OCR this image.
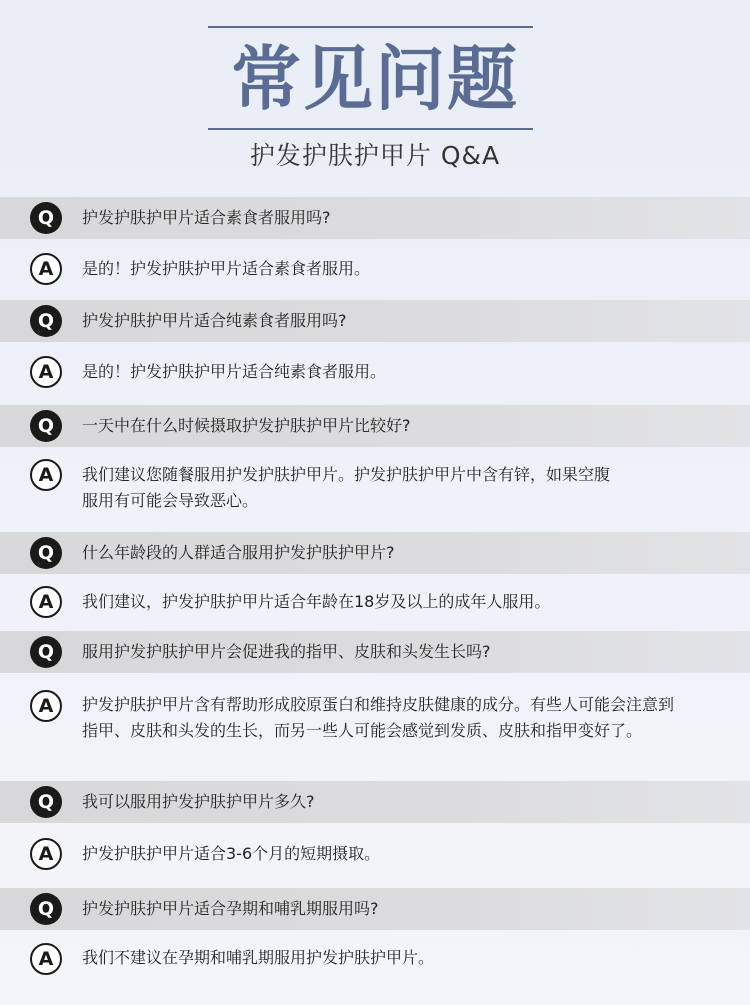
常见问题
护发护肤护甲片 Q&A
Q	护发护肤护甲片适合素食者服用吗?
A	是的！护发护肤护甲片适合素食者服用。
Q	护发护肤护甲片适合纯素食者服用吗?
A	是的！护发护肤护甲片适合纯素食者服用。
Q	一天中在什么时候摄取护发护肤护甲片比较好?
A	我们建议您随餐服用护发护肤护甲片。护发护肤护甲片中含有锌，如果空腹服用有可能会导致恶心。
Q	什么年龄段的人群适合服用护发护肤护甲片?
A	我们建议，护发护肤护甲片适合年龄在18岁及以上的成年人服用。
Q	服用护发护肤护甲片会促进我的指甲、皮肤和头发生长吗?
A	护发护肤护甲片含有帮助形成胶原蛋白和维持皮肤健康的成分。有些人可能会注意到指甲、皮肤和头发的生长，而另一些人可能会感觉到发质、皮肤和指甲变好了。
Q	我可以服用护发护肤护甲片多久?
A	护发护肤护甲片适合3-6个月的短期摄取。
Q	护发护肤护甲片适合孕期和哺乳期服用吗?
A	我们不建议在孕期和哺乳期服用护发护肤护甲片。
